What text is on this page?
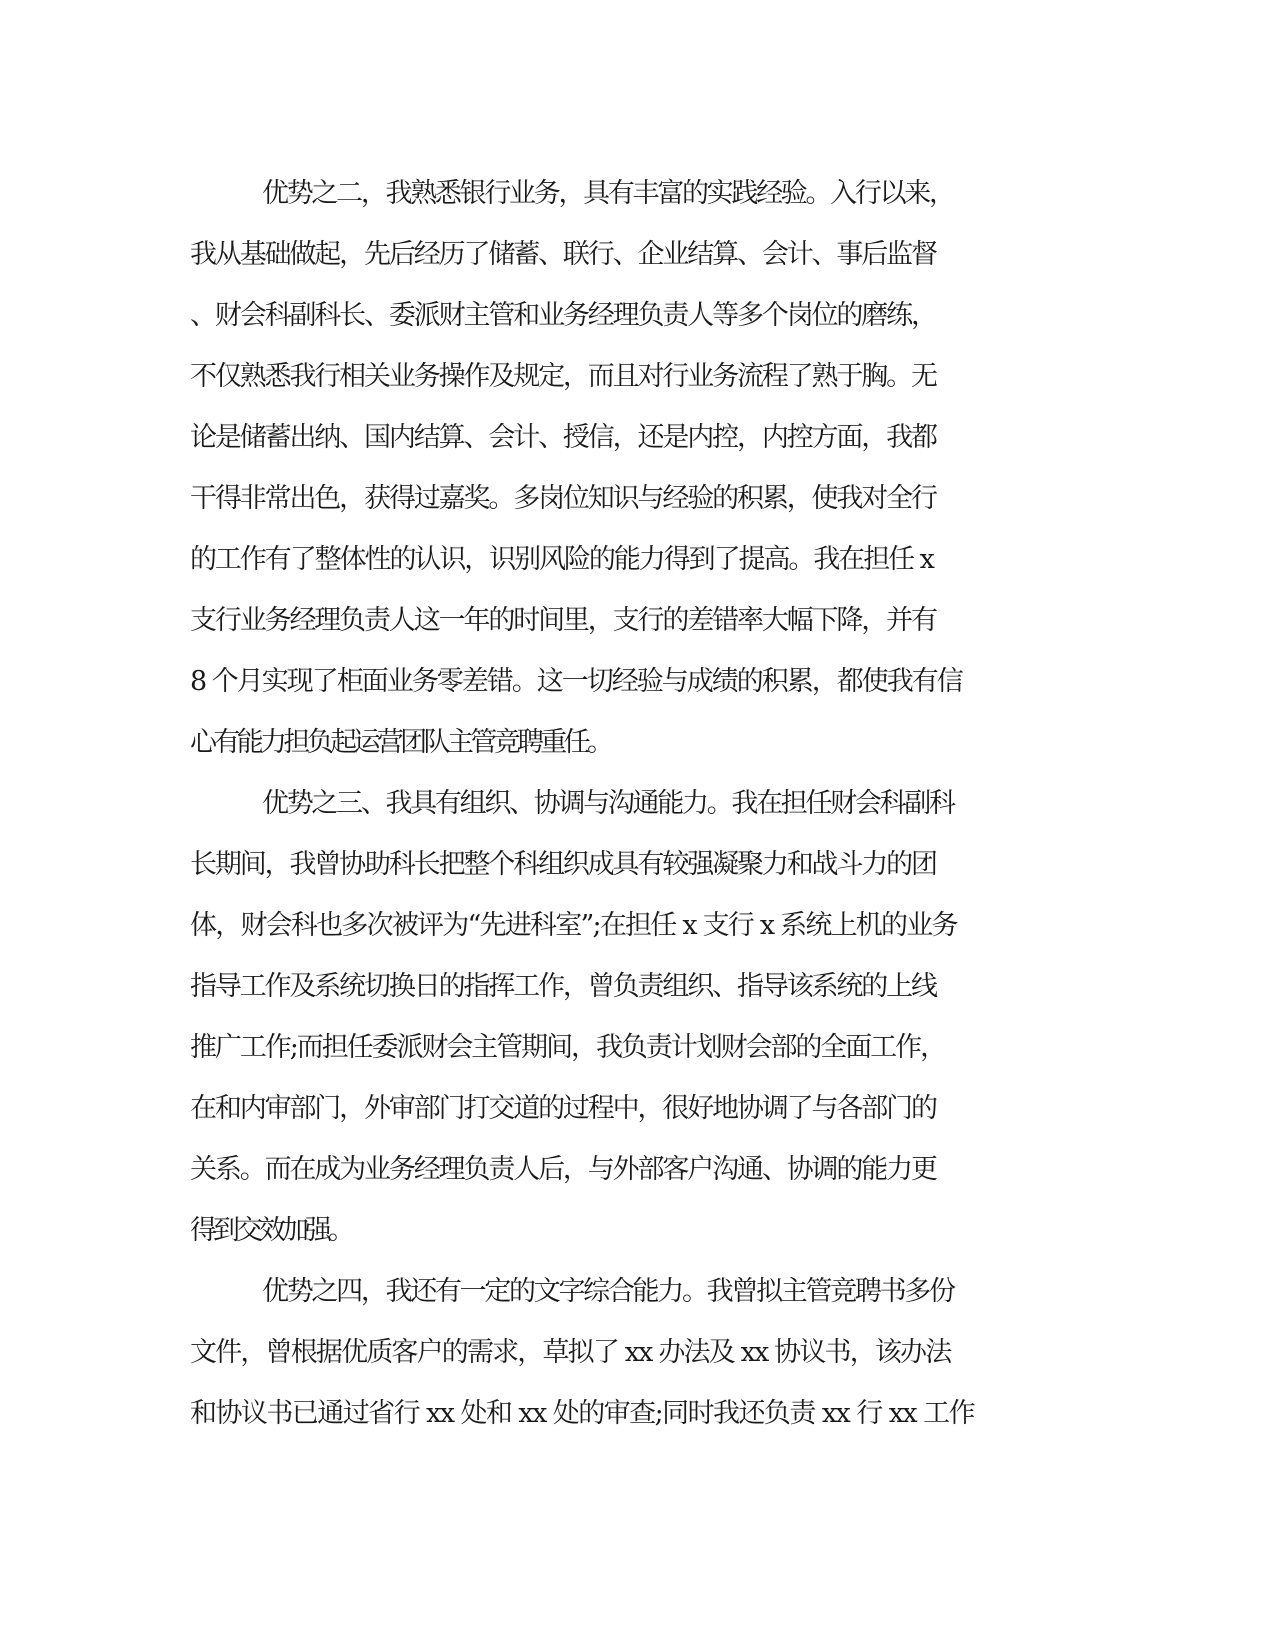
优势之二，我熟悉银行业务，具有丰富的实践经验。入行以来，
我从基础做起，先后经历了储蓄、联行、企业结算、会计、事后监督
、财会科副科长、委派财主管和业务经理负责人等多个岗位的磨练，
不仅熟悉我行相关业务操作及规定，而且对行业务流程了熟于胸。无
论是储蓄出纳、国内结算、会计、授信，还是内控，内控方面，我都
干得非常出色，获得过嘉奖。多岗位知识与经验的积累，使我对全行
的工作有了整体性的认识，识别风险的能力得到了提高。我在担任 x
支行业务经理负责人这一年的时间里，支行的差错率大幅下降，并有
8 个月实现了柜面业务零差错。这一切经验与成绩的积累，都使我有信
心有能力担负起运营团队主管竞聘重任。
优势之三、我具有组织、协调与沟通能力。我在担任财会科副科
长期间，我曾协助科长把整个科组织成具有较强凝聚力和战斗力的团
体，财会科也多次被评为“先进科室”;在担任 x 支行 x 系统上机的业务
指导工作及系统切换日的指挥工作，曾负责组织、指导该系统的上线
推广工作;而担任委派财会主管期间，我负责计划财会部的全面工作，
在和内审部门，外审部门打交道的过程中，很好地协调了与各部门的
关系。而在成为业务经理负责人后，与外部客户沟通、协调的能力更
得到交效加强。
优势之四，我还有一定的文字综合能力。我曾拟主管竞聘书多份
文件，曾根据优质客户的需求，草拟了 xx 办法及 xx 协议书，该办法
和协议书已通过省行 xx 处和 xx 处的审查;同时我还负责 xx 行 xx 工作
